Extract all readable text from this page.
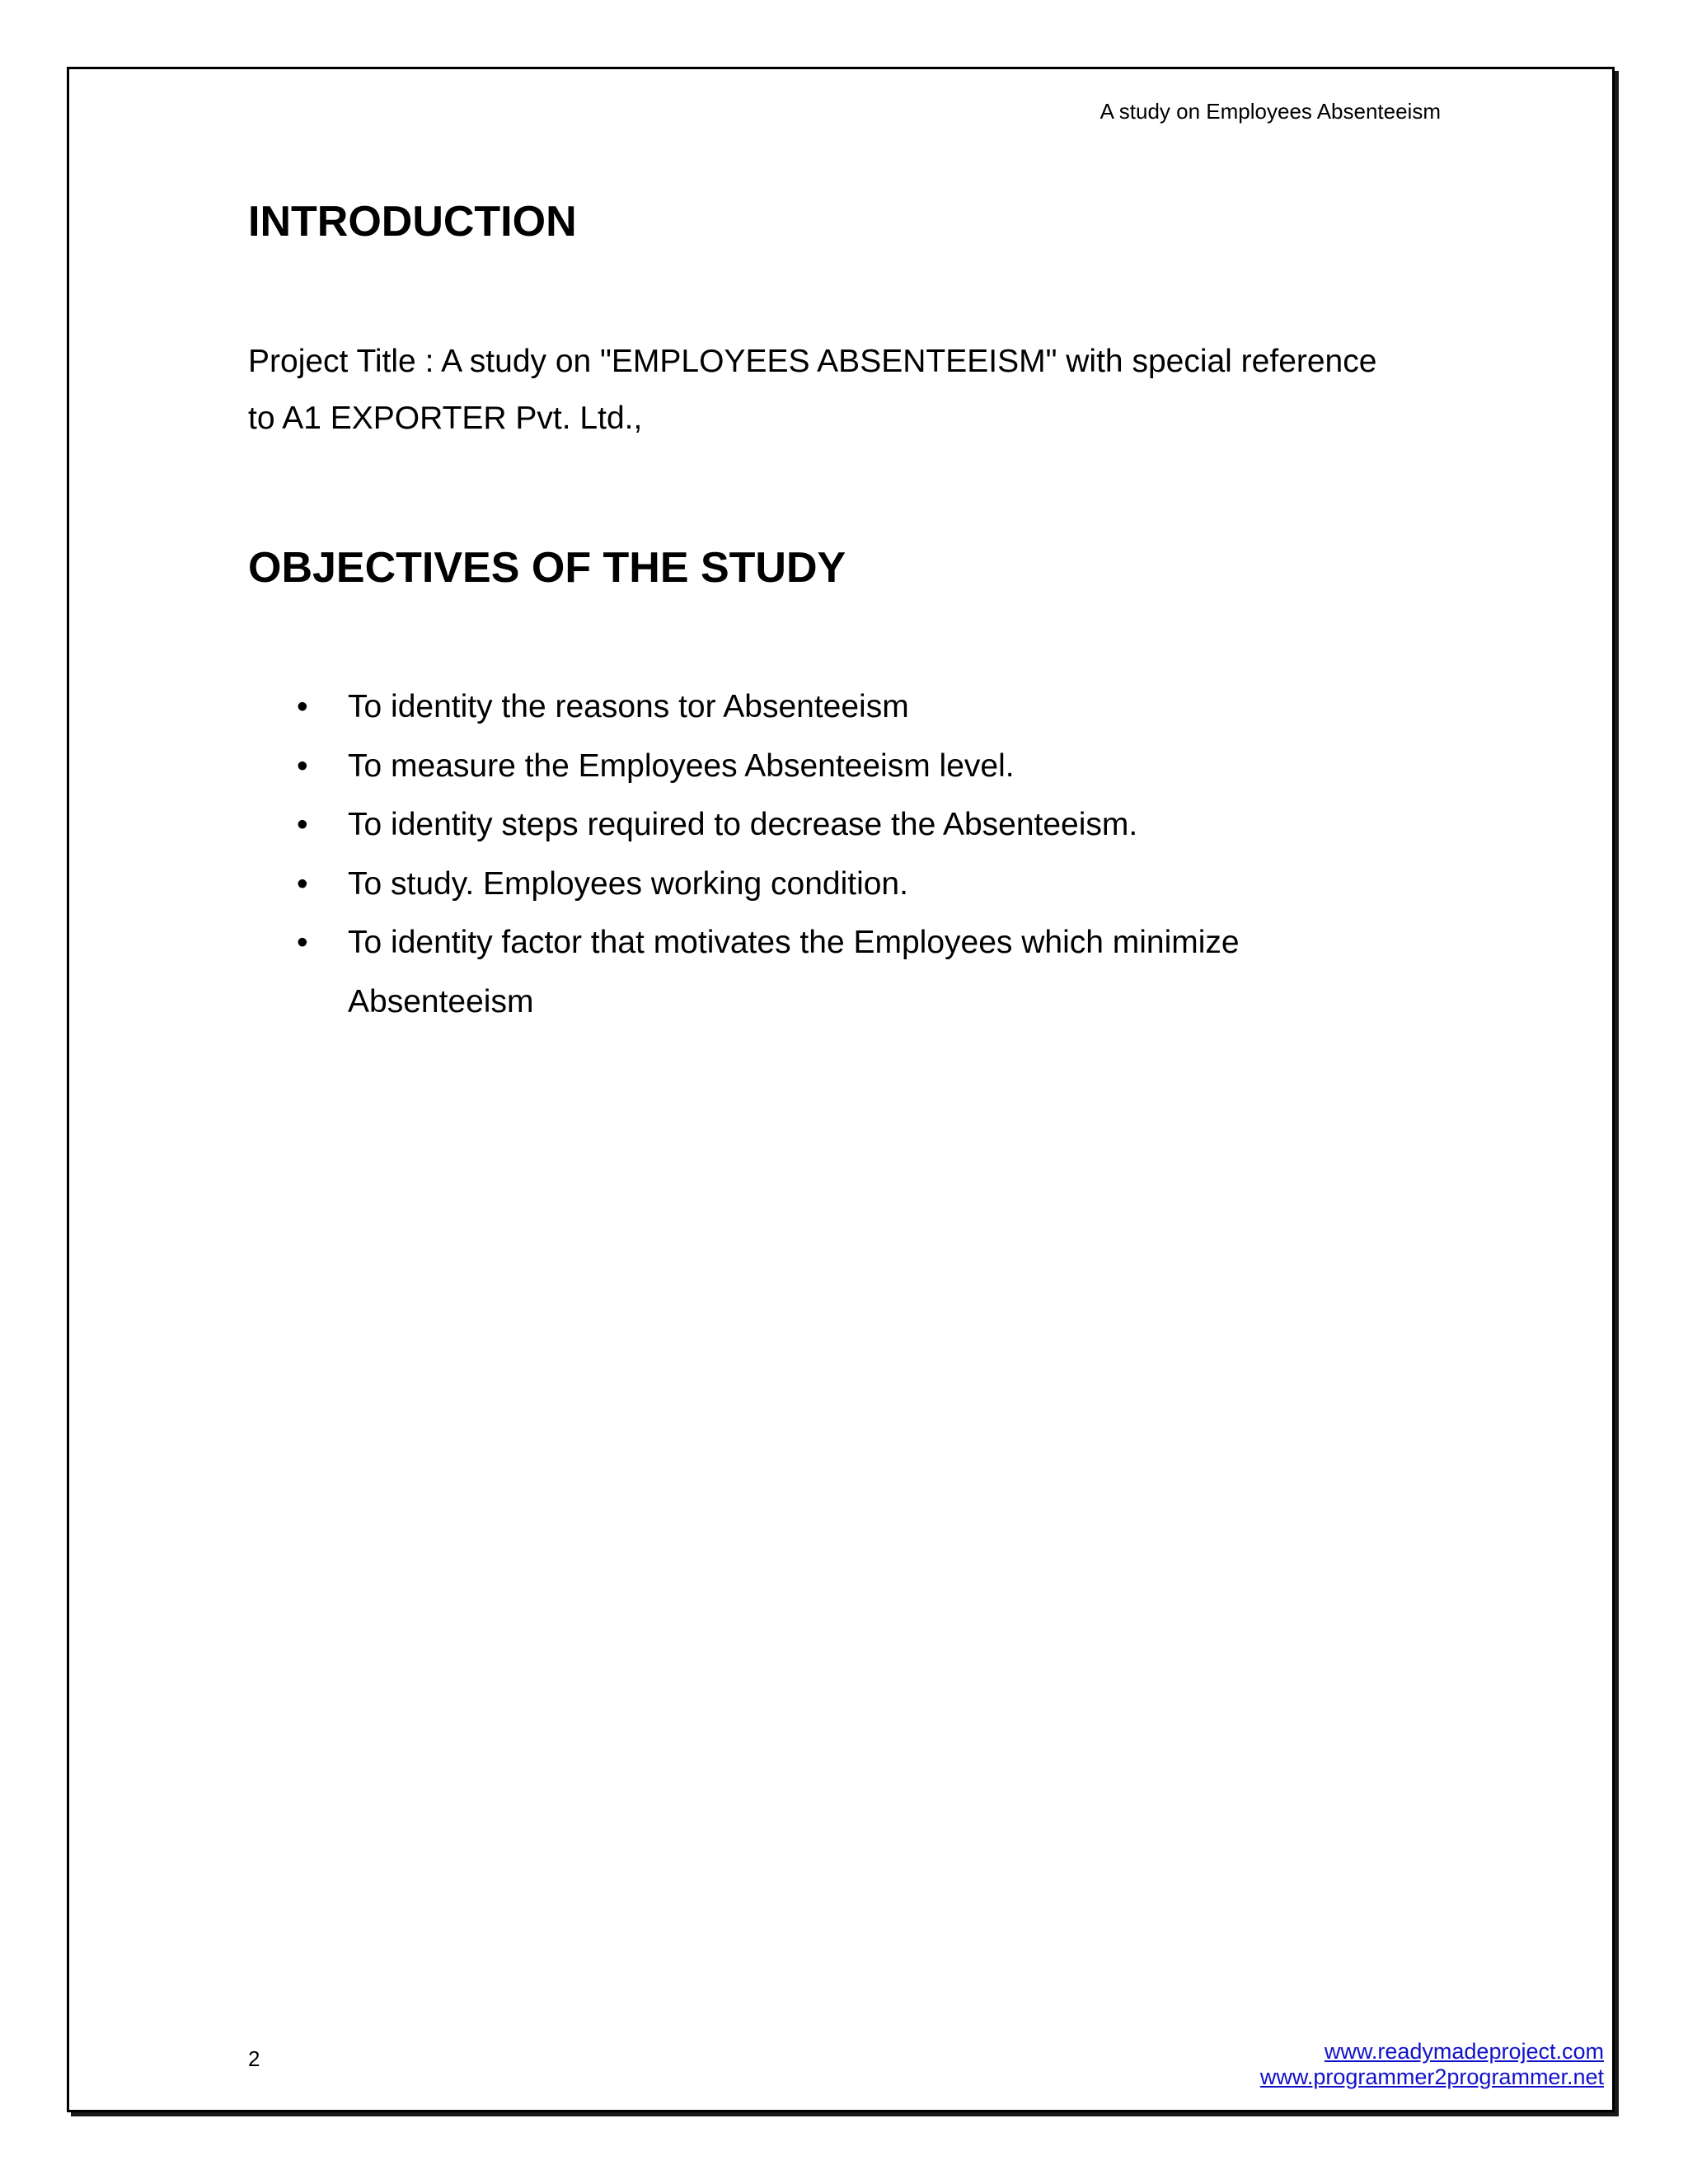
A study on Employees Absenteeism
INTRODUCTION

Project Title : A study on "EMPLOYEES ABSENTEEISM" with special reference
to A1 EXPORTER Pvt. Ltd.,

OBJECTIVES OF THE STUDY
• To identity the reasons tor Absenteeism
• To measure the Employees Absenteeism level.
• To identity steps required to decrease the Absenteeism.
• To study. Employees working condition.
• To identity factor that motivates the Employees which minimize Absenteeism
2	www.readymadeproject.com
www.programmer2programmer.net
